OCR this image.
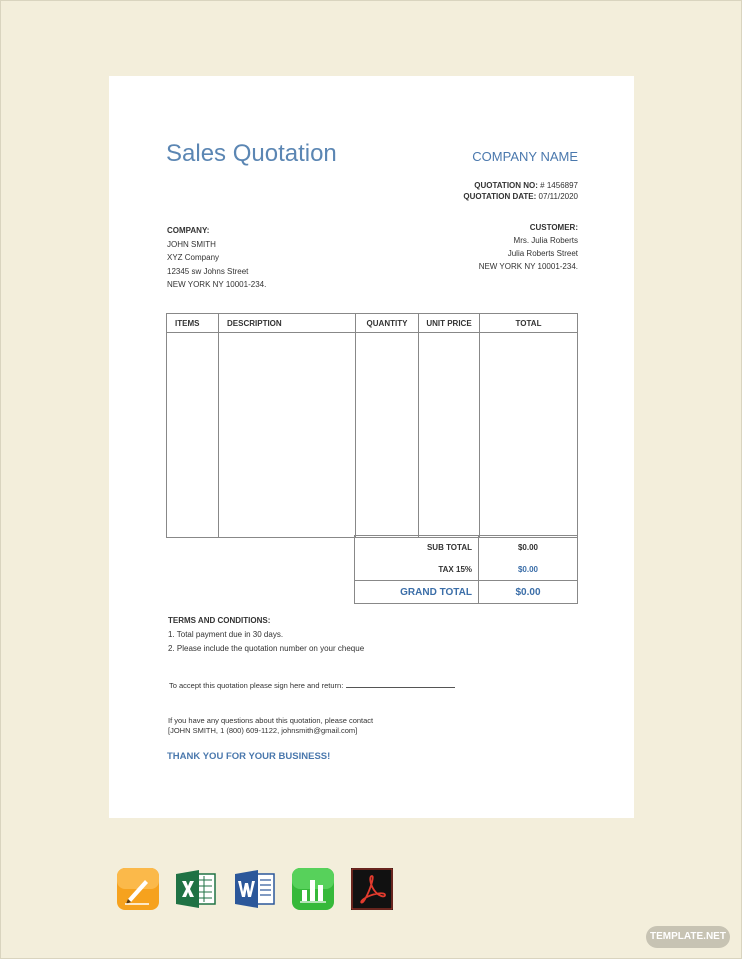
Sales Quotation	COMPANY NAME
QUOTATION NO: # 1456897
QUOTATION DATE: 07/11/2020
COMPANY:
JOHN SMITH
XYZ Company
12345 sw Johns Street
NEW YORK NY 10001-234.
CUSTOMER:
Mrs. Julia Roberts
Julia Roberts Street
NEW YORK NY 10001-234.
ITEMS	DESCRIPTION	QUANTITY	UNIT PRICE	TOTAL

SUB TOTAL	$0.00
TAX 15%	$0.00
GRAND TOTAL	$0.00
TERMS AND CONDITIONS:
1. Total payment due in 30 days.
2. Please include the quotation number on your cheque
To accept this quotation please sign here and return:
If you have any questions about this quotation, please contact
[JOHN SMITH, 1 (800) 609-1122, johnsmith@gmail.com]
THANK YOU FOR YOUR BUSINESS!
TEMPLATE.NET
